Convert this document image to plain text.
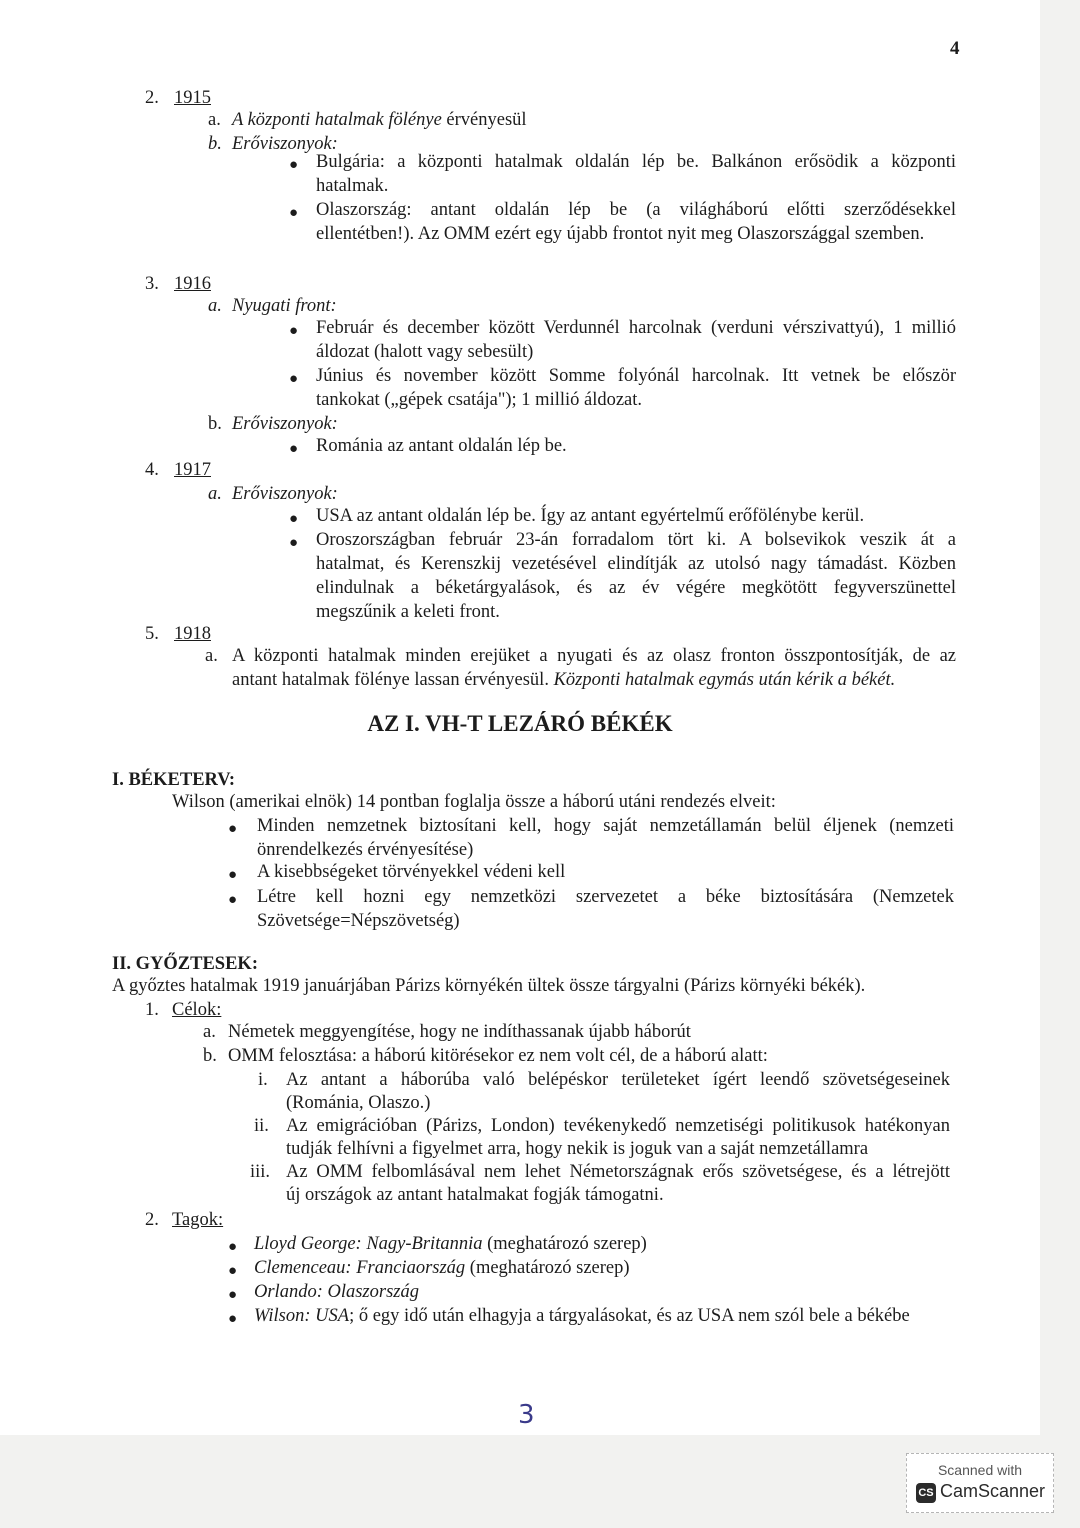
4
2. 1915
a. A központi hatalmak fölénye érvényesül
b. Erőviszonyok:
● Bulgária: a központi hatalmak oldalán lép be. Balkánon erősödik a központi
hatalmak.
● Olaszország: antant oldalán lép be (a világháború előtti szerződésekkel
ellentétben!). Az OMM ezért egy újabb frontot nyit meg Olaszországgal szemben.
3. 1916
a. Nyugati front:
● Február és december között Verdunnél harcolnak (verduni vérszivattyú), 1 millió
áldozat (halott vagy sebesült)
● Június és november között Somme folyónál harcolnak. Itt vetnek be először
tankokat („gépek csatája"); 1 millió áldozat.
b. Erőviszonyok:
● Románia az antant oldalán lép be.
4. 1917
a. Erőviszonyok:
● USA az antant oldalán lép be. Így az antant egyértelmű erőfölénybe kerül.
● Oroszországban február 23-án forradalom tört ki. A bolsevikok veszik át a
hatalmat, és Kerenszkij vezetésével elindítják az utolsó nagy támadást. Közben
elindulnak a béketárgyalások, és az év végére megkötött fegyverszünettel
megszűnik a keleti front.
5. 1918
a. A központi hatalmak minden erejüket a nyugati és az olasz fronton összpontosítják, de az
antant hatalmak fölénye lassan érvényesül. Központi hatalmak egymás után kérik a békét.
AZ I. VH-T LEZÁRÓ BÉKÉK
I. BÉKETERV:
Wilson (amerikai elnök) 14 pontban foglalja össze a háború utáni rendezés elveit:
● Minden nemzetnek biztosítani kell, hogy saját nemzetállamán belül éljenek (nemzeti
önrendelkezés érvényesítése)
● A kisebbségeket törvényekkel védeni kell
● Létre kell hozni egy nemzetközi szervezetet a béke biztosítására (Nemzetek
Szövetsége=Népszövetség)
II. GYŐZTESEK:
A győztes hatalmak 1919 januárjában Párizs környékén ültek össze tárgyalni (Párizs környéki békék).
1. Célok:
a. Németek meggyengítése, hogy ne indíthassanak újabb háborút
b. OMM felosztása: a háború kitörésekor ez nem volt cél, de a háború alatt:
i. Az antant a háborúba való belépéskor területeket ígért leendő szövetségeseinek
(Románia, Olaszo.)
ii. Az emigrációban (Párizs, London) tevékenykedő nemzetiségi politikusok hatékonyan
tudják felhívni a figyelmet arra, hogy nekik is joguk van a saját nemzetállamra
iii. Az OMM felbomlásával nem lehet Németországnak erős szövetségese, és a létrejött
új országok az antant hatalmakat fogják támogatni.
2. Tagok:
● Lloyd George: Nagy-Britannia (meghatározó szerep)
● Clemenceau: Franciaország (meghatározó szerep)
● Orlando: Olaszország
● Wilson: USA; ő egy idő után elhagyja a tárgyalásokat, és az USA nem szól bele a békébe
3
Scanned with
CS CamScanner
